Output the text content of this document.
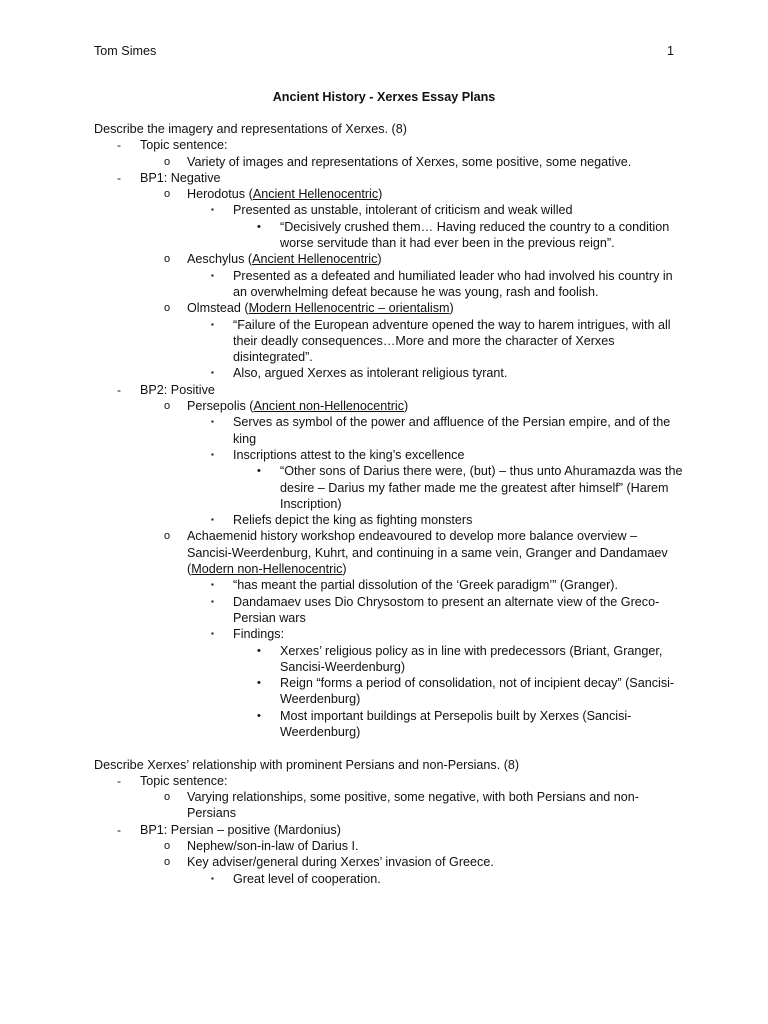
Tom Simes	1
Ancient History - Xerxes Essay Plans
Describe the imagery and representations of Xerxes. (8)
- Topic sentence:
o Variety of images and representations of Xerxes, some positive, some negative.
- BP1: Negative
o Herodotus (Ancient Hellenocentric)
▪ Presented as unstable, intolerant of criticism and weak willed
• “Decisively crushed them… Having reduced the country to a condition worse servitude than it had ever been in the previous reign”.
o Aeschylus (Ancient Hellenocentric)
▪ Presented as a defeated and humiliated leader who had involved his country in an overwhelming defeat because he was young, rash and foolish.
o Olmstead (Modern Hellenocentric – orientalism)
▪ “Failure of the European adventure opened the way to harem intrigues, with all their deadly consequences…More and more the character of Xerxes disintegrated”.
▪ Also, argued Xerxes as intolerant religious tyrant.
- BP2: Positive
o Persepolis (Ancient non-Hellenocentric)
▪ Serves as symbol of the power and affluence of the Persian empire, and of the king
▪ Inscriptions attest to the king’s excellence
• “Other sons of Darius there were, (but) – thus unto Ahuramazda was the desire – Darius my father made me the greatest after himself” (Harem Inscription)
▪ Reliefs depict the king as fighting monsters
o Achaemenid history workshop endeavoured to develop more balance overview – Sancisi-Weerdenburg, Kuhrt, and continuing in a same vein, Granger and Dandamaev (Modern non-Hellenocentric)
▪ “has meant the partial dissolution of the ‘Greek paradigm’” (Granger).
▪ Dandamaev uses Dio Chrysostom to present an alternate view of the Greco-Persian wars
▪ Findings:
• Xerxes’ religious policy as in line with predecessors (Briant, Granger, Sancisi-Weerdenburg)
• Reign “forms a period of consolidation, not of incipient decay” (Sancisi-Weerdenburg)
• Most important buildings at Persepolis built by Xerxes (Sancisi-Weerdenburg)
Describe Xerxes’ relationship with prominent Persians and non-Persians. (8)
- Topic sentence:
o Varying relationships, some positive, some negative, with both Persians and non-Persians
- BP1: Persian – positive (Mardonius)
o Nephew/son-in-law of Darius I.
o Key adviser/general during Xerxes’ invasion of Greece.
▪ Great level of cooperation.
